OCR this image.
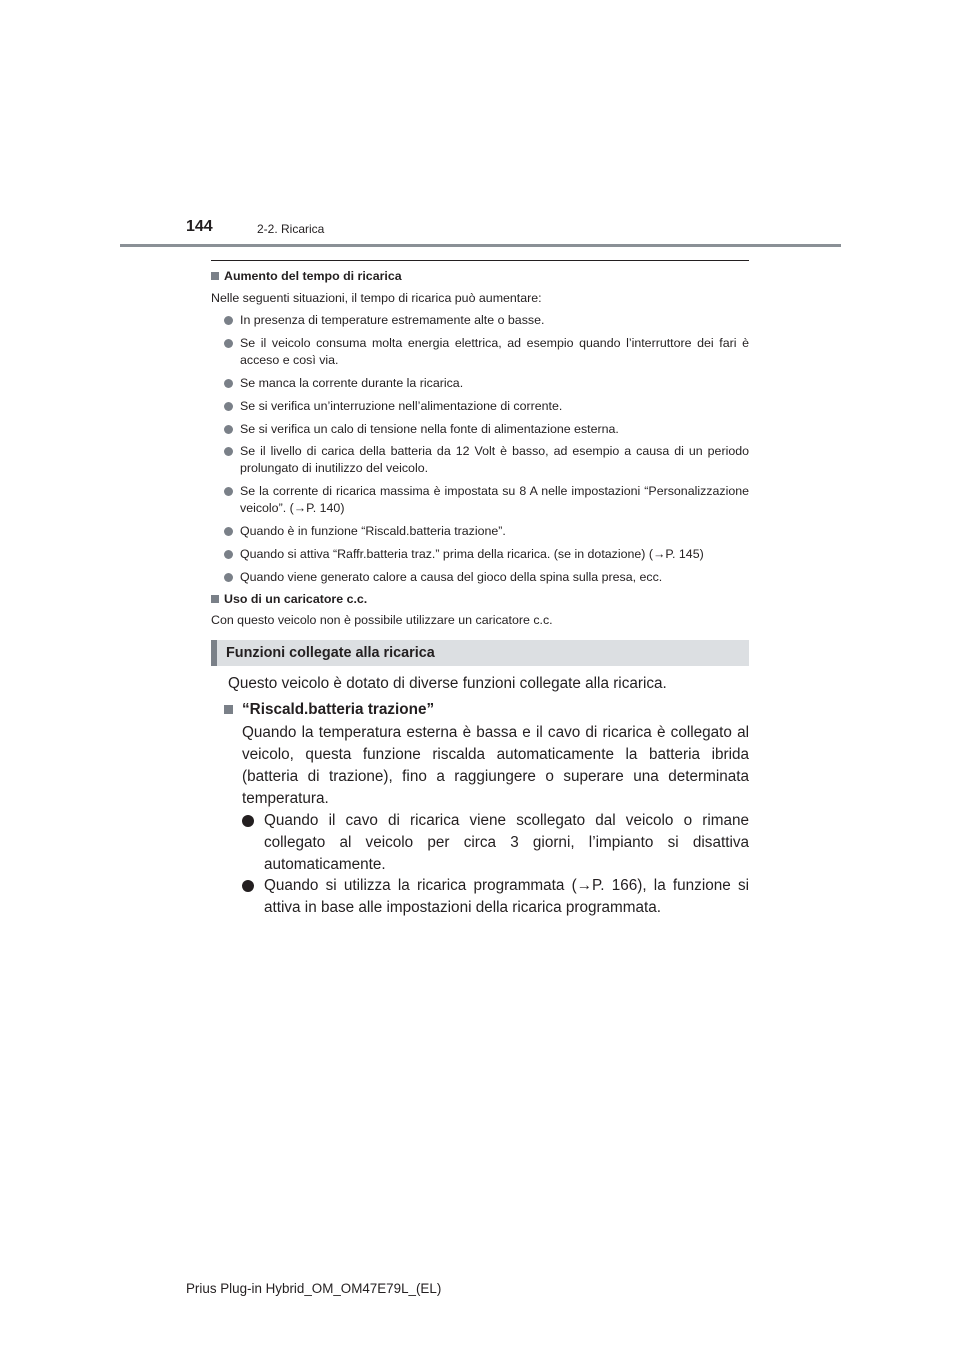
144	2-2. Ricarica
Aumento del tempo di ricarica
Nelle seguenti situazioni, il tempo di ricarica può aumentare:
In presenza di temperature estremamente alte o basse.
Se il veicolo consuma molta energia elettrica, ad esempio quando l’interruttore dei fari è acceso e così via.
Se manca la corrente durante la ricarica.
Se si verifica un’interruzione nell’alimentazione di corrente.
Se si verifica un calo di tensione nella fonte di alimentazione esterna.
Se il livello di carica della batteria da 12 Volt è basso, ad esempio a causa di un periodo prolungato di inutilizzo del veicolo.
Se la corrente di ricarica massima è impostata su 8 A nelle impostazioni “Personalizzazione veicolo”. (→P. 140)
Quando è in funzione “Riscald.batteria trazione”.
Quando si attiva “Raffr.batteria traz.” prima della ricarica. (se in dotazione) (→P. 145)
Quando viene generato calore a causa del gioco della spina sulla presa, ecc.
Uso di un caricatore c.c.
Con questo veicolo non è possibile utilizzare un caricatore c.c.
Funzioni collegate alla ricarica
Questo veicolo è dotato di diverse funzioni collegate alla ricarica.
“Riscald.batteria trazione”
Quando la temperatura esterna è bassa e il cavo di ricarica è collegato al veicolo, questa funzione riscalda automaticamente la batteria ibrida (batteria di trazione), fino a raggiungere o superare una determinata temperatura.
Quando il cavo di ricarica viene scollegato dal veicolo o rimane collegato al veicolo per circa 3 giorni, l’impianto si disattiva automaticamente.
Quando si utilizza la ricarica programmata (→P. 166), la funzione si attiva in base alle impostazioni della ricarica programmata.
Prius Plug-in Hybrid_OM_OM47E79L_(EL)
